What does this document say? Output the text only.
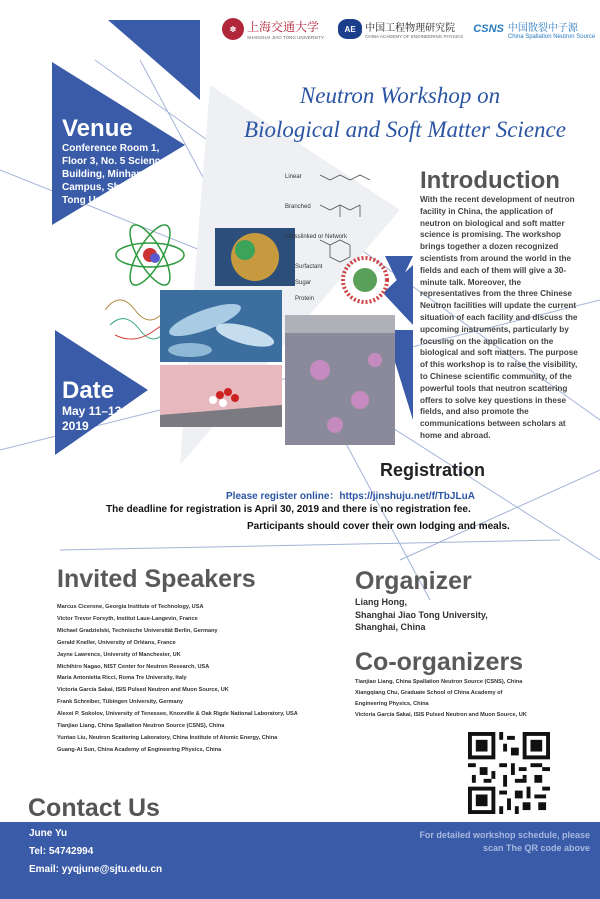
✽ 上海交通大学
SHANGHAI JIAO TONG UNIVERSITY
AE 中国工程物理研究院
CHINA ACADEMY OF ENGINEERING PHYSICS
CSNS 中国散裂中子源
China Spallation Neutron Source
Neutron Workshop on
Biological and Soft Matter Science
Venue
Conference Room 1, Floor 3, No. 5 Science Building, Minhang Campus, Shanghai Jiao Tong University
Linear
Branched
Crosslinked or Network
Surfactant
Sugar
Protein
Date
May 11–13, 2019
Introduction
With the recent development of neutron facility in China, the application of neutron on biological and soft matter science is promising. The workshop brings together a dozen recognized scientists from around the world in the fields and each of them will give a 30-minute talk. Moreover, the representatives from the three Chinese Neutron facilities will update the current situation of each facility and discuss the upcoming instruments, particularly by focusing on the application on the biological and soft matters. The purpose of this workshop is to raise the visibility, to Chinese scientific community, of the powerful tools that neutron scattering offers to solve key questions in these fields, and also promote the communications between scholars at home and abroad.
Registration
Please register online：https://jinshuju.net/f/TbJLuA
The deadline for registration is April 30, 2019 and there is no registration fee.
Participants should cover their own lodging and meals.
Invited Speakers
Marcus Cicerone, Georgia Institute of Technology, USA
Victor Trevor Forsyth, Institut Laue-Langevin, France
Michael Gradzielski, Technische Universität Berlin, Germany
Gerald Kneller, University of Orléans, France
Jayne Lawrence, University of Manchester, UK
Michihiro Nagao, NIST Center for Neutron Research, USA
Maria Antonietta Ricci, Roma Tre University, Italy
Victoria García Sakai, ISIS Pulsed Neutron and Muon Source, UK
Frank Schreiber, Tübingen University, Germany
Alexei P. Sokolov, University of Tenessee, Knoxville & Oak Rigde National Laboratory, USA
Tianjiao Liang, China Spallation Neutron Source (CSNS), China
Yuntao Liu, Neutron Scattering Laboratory, China Institute of Atomic Energy, China
Guang-Ai Sun, China Academy of Engineering Physics, China
Organizer
Liang Hong,
Shanghai Jiao Tong University,
Shanghai, China
Co-organizers
Tianjiao Liang, China Spallation Neutron Source (CSNS), China
Xiangqiang Chu, Graduate School of China Academy of
Engineering Physics, China
Victoria García Sakai, ISIS Pulsed Neutron and Muon Source, UK
Contact Us
June Yu
Tel: 54742994
Email: yyqjune@sjtu.edu.cn
For detailed workshop schedule, please scan The QR code above
